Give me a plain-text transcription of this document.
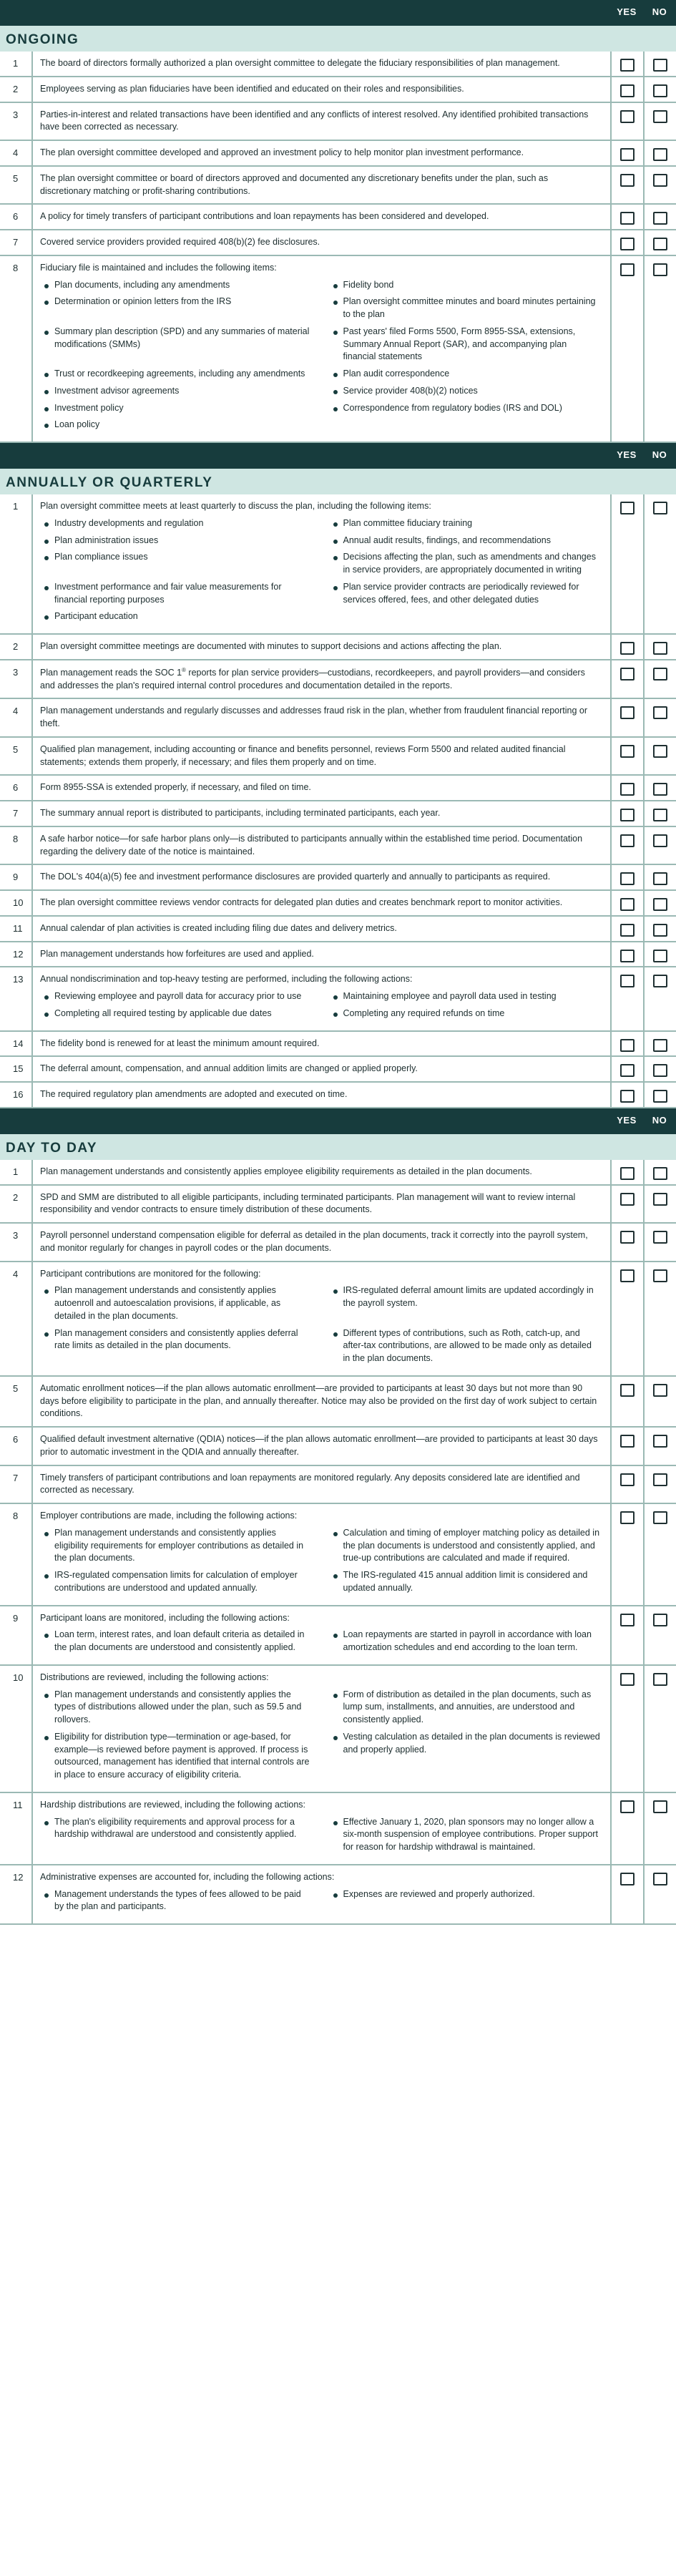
YES	NO
ONGOING
1	The board of directors formally authorized a plan oversight committee to delegate the fiduciary responsibilities of plan management.
2	Employees serving as plan fiduciaries have been identified and educated on their roles and responsibilities.
3	Parties-in-interest and related transactions have been identified and any conflicts of interest resolved. Any identified prohibited transactions have been corrected as necessary.
4	The plan oversight committee developed and approved an investment policy to help monitor plan investment performance.
5	The plan oversight committee or board of directors approved and documented any discretionary benefits under the plan, such as discretionary matching or profit-sharing contributions.
6	A policy for timely transfers of participant contributions and loan repayments has been considered and developed.
7	Covered service providers provided required 408(b)(2) fee disclosures.
8	Fiduciary file is maintained and includes the following items:
Plan documents, including any amendments
Determination or opinion letters from the IRS
Summary plan description (SPD) and any summaries of material modifications (SMMs)
Trust or recordkeeping agreements, including any amendments
Investment advisor agreements
Investment policy
Loan policy
Fidelity bond
Plan oversight committee minutes and board minutes pertaining to the plan
Past years' filed Forms 5500, Form 8955-SSA, extensions, Summary Annual Report (SAR), and accompanying plan financial statements
Plan audit correspondence
Service provider 408(b)(2) notices
Correspondence from regulatory bodies (IRS and DOL)
YES	NO
ANNUALLY OR QUARTERLY
1	Plan oversight committee meets at least quarterly to discuss the plan, including the following items:
Industry developments and regulation
Plan administration issues
Plan compliance issues
Investment performance and fair value measurements for financial reporting purposes
Participant education
Plan committee fiduciary training
Annual audit results, findings, and recommendations
Decisions affecting the plan, such as amendments and changes in service providers, are appropriately documented in writing
Plan service provider contracts are periodically reviewed for services offered, fees, and other delegated duties
2	Plan oversight committee meetings are documented with minutes to support decisions and actions affecting the plan.
3	Plan management reads the SOC 1® reports for plan service providers—custodians, recordkeepers, and payroll providers—and considers and addresses the plan's required internal control procedures and documentation detailed in the reports.
4	Plan management understands and regularly discusses and addresses fraud risk in the plan, whether from fraudulent financial reporting or theft.
5	Qualified plan management, including accounting or finance and benefits personnel, reviews Form 5500 and related audited financial statements; extends them properly, if necessary; and files them properly and on time.
6	Form 8955-SSA is extended properly, if necessary, and filed on time.
7	The summary annual report is distributed to participants, including terminated participants, each year.
8	A safe harbor notice—for safe harbor plans only—is distributed to participants annually within the established time period. Documentation regarding the delivery date of the notice is maintained.
9	The DOL's 404(a)(5) fee and investment performance disclosures are provided quarterly and annually to participants as required.
10	The plan oversight committee reviews vendor contracts for delegated plan duties and creates benchmark report to monitor activities.
11	Annual calendar of plan activities is created including filing due dates and delivery metrics.
12	Plan management understands how forfeitures are used and applied.
13	Annual nondiscrimination and top-heavy testing are performed, including the following actions:
Reviewing employee and payroll data for accuracy prior to use
Completing all required testing by applicable due dates
Maintaining employee and payroll data used in testing
Completing any required refunds on time
14	The fidelity bond is renewed for at least the minimum amount required.
15	The deferral amount, compensation, and annual addition limits are changed or applied properly.
16	The required regulatory plan amendments are adopted and executed on time.
YES	NO
DAY TO DAY
1	Plan management understands and consistently applies employee eligibility requirements as detailed in the plan documents.
2	SPD and SMM are distributed to all eligible participants, including terminated participants. Plan management will want to review internal responsibility and vendor contracts to ensure timely distribution of these documents.
3	Payroll personnel understand compensation eligible for deferral as detailed in the plan documents, track it correctly into the payroll system, and monitor regularly for changes in payroll codes or the plan documents.
4	Participant contributions are monitored for the following:
Plan management understands and consistently applies autoenroll and autoescalation provisions, if applicable, as detailed in the plan documents.
Plan management considers and consistently applies deferral rate limits as detailed in the plan documents.
IRS-regulated deferral amount limits are updated accordingly in the payroll system.
Different types of contributions, such as Roth, catch-up, and after-tax contributions, are allowed to be made only as detailed in the plan documents.
5	Automatic enrollment notices—if the plan allows automatic enrollment—are provided to participants at least 30 days but not more than 90 days before eligibility to participate in the plan, and annually thereafter. Notice may also be provided on the first day of work subject to certain conditions.
6	Qualified default investment alternative (QDIA) notices—if the plan allows automatic enrollment—are provided to participants at least 30 days prior to automatic investment in the QDIA and annually thereafter.
7	Timely transfers of participant contributions and loan repayments are monitored regularly. Any deposits considered late are identified and corrected as necessary.
8	Employer contributions are made, including the following actions:
Plan management understands and consistently applies eligibility requirements for employer contributions as detailed in the plan documents.
IRS-regulated compensation limits for calculation of employer contributions are understood and updated annually.
Calculation and timing of employer matching policy as detailed in the plan documents is understood and consistently applied, and true-up contributions are calculated and made if required.
The IRS-regulated 415 annual addition limit is considered and updated annually.
9	Participant loans are monitored, including the following actions:
Loan term, interest rates, and loan default criteria as detailed in the plan documents are understood and consistently applied.
Loan repayments are started in payroll in accordance with loan amortization schedules and end according to the loan term.
10	Distributions are reviewed, including the following actions:
Plan management understands and consistently applies the types of distributions allowed under the plan, such as 59.5 and rollovers.
Eligibility for distribution type—termination or age-based, for example—is reviewed before payment is approved. If process is outsourced, management has identified that internal controls are in place to ensure accuracy of eligibility criteria.
Form of distribution as detailed in the plan documents, such as lump sum, installments, and annuities, are understood and consistently applied.
Vesting calculation as detailed in the plan documents is reviewed and properly applied.
11	Hardship distributions are reviewed, including the following actions:
The plan's eligibility requirements and approval process for a hardship withdrawal are understood and consistently applied.
Effective January 1, 2020, plan sponsors may no longer allow a six-month suspension of employee contributions. Proper support for reason for hardship withdrawal is maintained.
12	Administrative expenses are accounted for, including the following actions:
Management understands the types of fees allowed to be paid by the plan and participants.
Expenses are reviewed and properly authorized.
